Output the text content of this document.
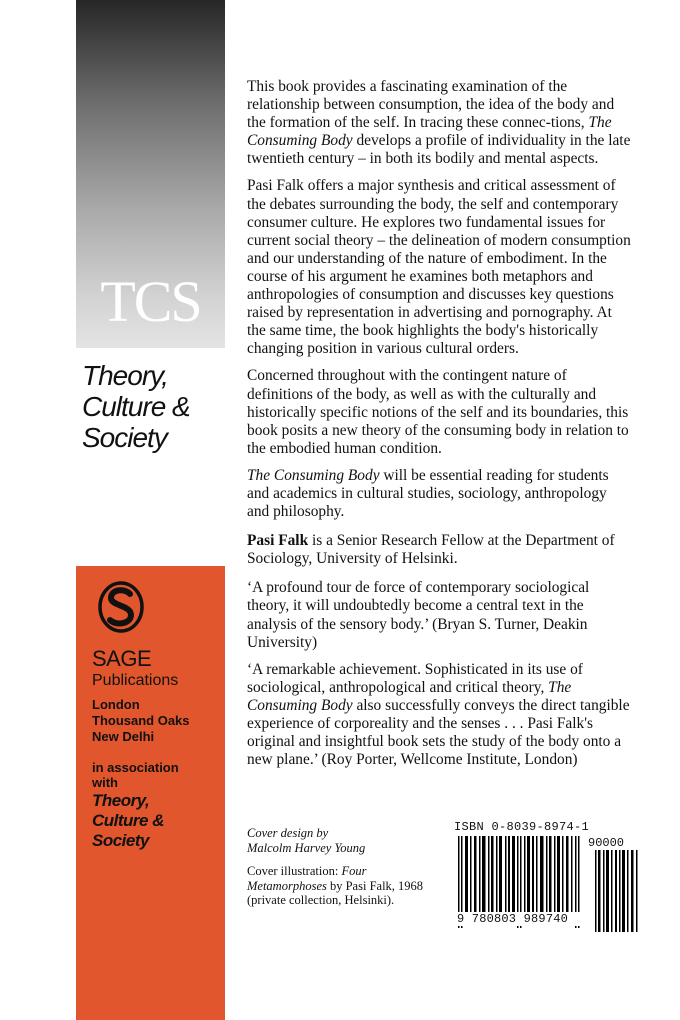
TCS
Theory,
Culture &
Society
SAGE
Publications
London
Thousand Oaks
New Delhi
in association
with
Theory,
Culture &
Society

This book provides a fascinating examination of the relationship between consumption, the idea of the body and the formation of the self. In tracing these connec-tions, The Consuming Body develops a profile of individuality in the late twentieth century – in both its bodily and mental aspects.

Pasi Falk offers a major synthesis and critical assessment of the debates surrounding the body, the self and contemporary consumer culture. He explores two fundamental issues for current social theory – the delineation of modern consumption and our understanding of the nature of embodiment. In the course of his argument he examines both metaphors and anthropologies of consumption and discusses key questions raised by representation in advertising and pornography. At the same time, the book highlights the body's historically changing position in various cultural orders.

Concerned throughout with the contingent nature of definitions of the body, as well as with the culturally and historically specific notions of the self and its boundaries, this book posits a new theory of the consuming body in relation to the embodied human condition.

The Consuming Body will be essential reading for students and academics in cultural studies, sociology, anthropology and philosophy.

Pasi Falk is a Senior Research Fellow at the Department of Sociology, University of Helsinki.

‘A profound tour de force of contemporary sociological theory, it will undoubtedly become a central text in the analysis of the sensory body.’ (Bryan S. Turner, Deakin University)

‘A remarkable achievement. Sophisticated in its use of sociological, anthropological and critical theory, The Consuming Body also successfully conveys the direct tangible experience of corporeality and the senses . . . Pasi Falk's original and insightful book sets the study of the body onto a new plane.’ (Roy Porter, Wellcome Institute, London)

Cover design by
Malcolm Harvey Young

Cover illustration: Four Metamorphoses by Pasi Falk, 1968 (private collection, Helsinki).

ISBN 0-8039-8974-1
9 780803 989740
90000
